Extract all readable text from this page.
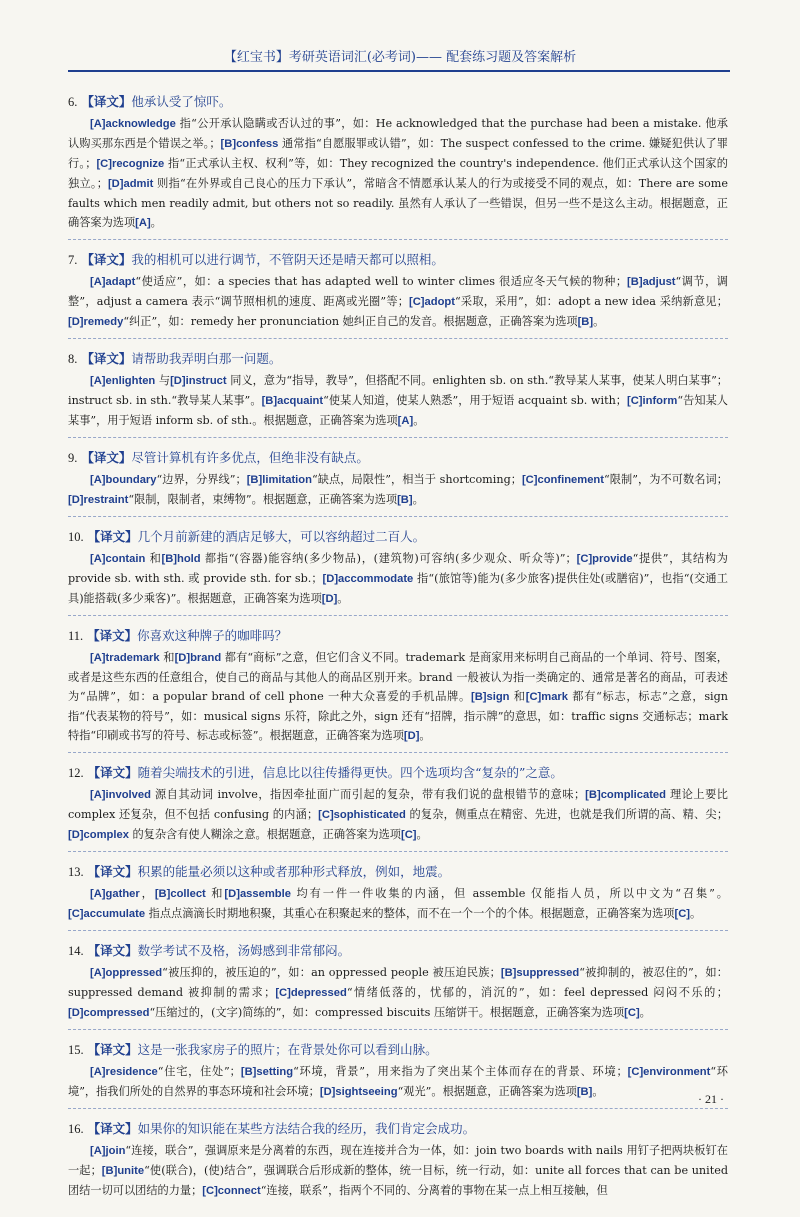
【红宝书】考研英语词汇(必考词)—— 配套练习题及答案解析

6. 【译文】他承认受了惊吓。

[A]acknowledge 指“公开承认隐瞒或否认过的事”，如：He acknowledged that the purchase had been a mistake. 他承认购买那东西是个错误之举。；[B]confess 通常指“自愿服罪或认错”，如：The suspect confessed to the crime. 嫌疑犯供认了罪行。；[C]recognize 指“正式承认主权、权利”等，如：They recognized the country's independence. 他们正式承认这个国家的独立。；[D]admit 则指“在外界或自己良心的压力下承认”，常暗含不情愿承认某人的行为或接受不同的观点，如：There are some faults which men readily admit, but others not so readily. 虽然有人承认了一些错误，但另一些不是这么主动。根据题意，正确答案为选项[A]。

7. 【译文】我的相机可以进行调节，不管阴天还是晴天都可以照相。

[A]adapt“使适应”，如：a species that has adapted well to winter climes 很适应冬天气候的物种；[B]adjust“调节，调整”，adjust a camera 表示“调节照相机的速度、距离或光圈”等；[C]adopt“采取，采用”，如：adopt a new idea 采纳新意见；[D]remedy“纠正”，如：remedy her pronunciation 她纠正自己的发音。根据题意，正确答案为选项[B]。

8. 【译文】请帮助我弄明白那一问题。

[A]enlighten 与[D]instruct 同义，意为“指导，教导”，但搭配不同。enlighten sb. on sth.“教导某人某事，使某人明白某事”；instruct sb. in sth.“教导某人某事”。[B]acquaint“使某人知道，使某人熟悉”，用于短语 acquaint sb. with；[C]inform“告知某人某事”，用于短语 inform sb. of sth.。根据题意，正确答案为选项[A]。

9. 【译文】尽管计算机有许多优点，但绝非没有缺点。

[A]boundary“边界，分界线”；[B]limitation“缺点，局限性”，相当于 shortcoming；[C]confinement“限制”，为不可数名词；[D]restraint“限制，限制者，束缚物”。根据题意，正确答案为选项[B]。

10. 【译文】几个月前新建的酒店足够大，可以容纳超过二百人。

[A]contain 和[B]hold 都指“(容器)能容纳(多少物品)，(建筑物)可容纳(多少观众、听众等)”；[C]provide“提供”，其结构为 provide sb. with sth. 或 provide sth. for sb.；[D]accommodate 指“(旅馆等)能为(多少旅客)提供住处(或膳宿)”，也指“(交通工具)能搭载(多少乘客)”。根据题意，正确答案为选项[D]。

11. 【译文】你喜欢这种牌子的咖啡吗？

[A]trademark 和[D]brand 都有“商标”之意，但它们含义不同。trademark 是商家用来标明自己商品的一个单词、符号、图案，或者是这些东西的任意组合，使自己的商品与其他人的商品区别开来。brand 一般被认为指一类确定的、通常是著名的商品，可表述为“品牌”，如：a popular brand of cell phone 一种大众喜爱的手机品牌。[B]sign 和[C]mark 都有“标志，标志”之意，sign 指“代表某物的符号”，如：musical signs 乐符，除此之外，sign 还有“招牌，指示牌”的意思，如：traffic signs 交通标志；mark 特指“印刷或书写的符号、标志或标签”。根据题意，正确答案为选项[D]。

12. 【译文】随着尖端技术的引进，信息比以往传播得更快。四个选项均含“复杂的”之意。

[A]involved 源自其动词 involve，指因牵扯面广而引起的复杂，带有我们说的盘根错节的意味；[B]complicated 理论上要比 complex 还复杂，但不包括 confusing 的内涵；[C]sophisticated 的复杂，侧重点在精密、先进，也就是我们所谓的高、精、尖；[D]complex 的复杂含有使人糊涂之意。根据题意，正确答案为选项[C]。

13. 【译文】积累的能量必须以这种或者那种形式释放，例如，地震。

[A]gather，[B]collect 和[D]assemble 均有一件一件收集的内涵，但 assemble 仅能指人员，所以中文为“召集”。[C]accumulate 指点点滴滴长时期地积聚，其重心在积聚起来的整体，而不在一个一个的个体。根据题意，正确答案为选项[C]。

14. 【译文】数学考试不及格，汤姆感到非常郁闷。

[A]oppressed“被压抑的，被压迫的”，如：an oppressed people 被压迫民族；[B]suppressed“被抑制的，被忍住的”，如：suppressed demand 被抑制的需求；[C]depressed“情绪低落的，忧郁的，消沉的”，如：feel depressed 闷闷不乐的；[D]compressed“压缩过的，(文字)简练的”，如：compressed biscuits 压缩饼干。根据题意，正确答案为选项[C]。

15. 【译文】这是一张我家房子的照片；在背景处你可以看到山脉。

[A]residence“住宅，住处”；[B]setting“环境，背景”，用来指为了突出某个主体而存在的背景、环境；[C]environment“环境”，指我们所处的自然界的事态环境和社会环境；[D]sightseeing“观光”。根据题意，正确答案为选项[B]。

16. 【译文】如果你的知识能在某些方法结合我的经历，我们肯定会成功。

[A]join“连接，联合”，强调原来是分离着的东西，现在连接并合为一体，如：join two boards with nails 用钉子把两块板钉在一起；[B]unite“使(联合)，(使)结合”，强调联合后形成新的整体，统一目标，统一行动，如：unite all forces that can be united 团结一切可以团结的力量；[C]connect“连接，联系”，指两个不同的、分离着的事物在某一点上相互接触，但

· 21 ·
